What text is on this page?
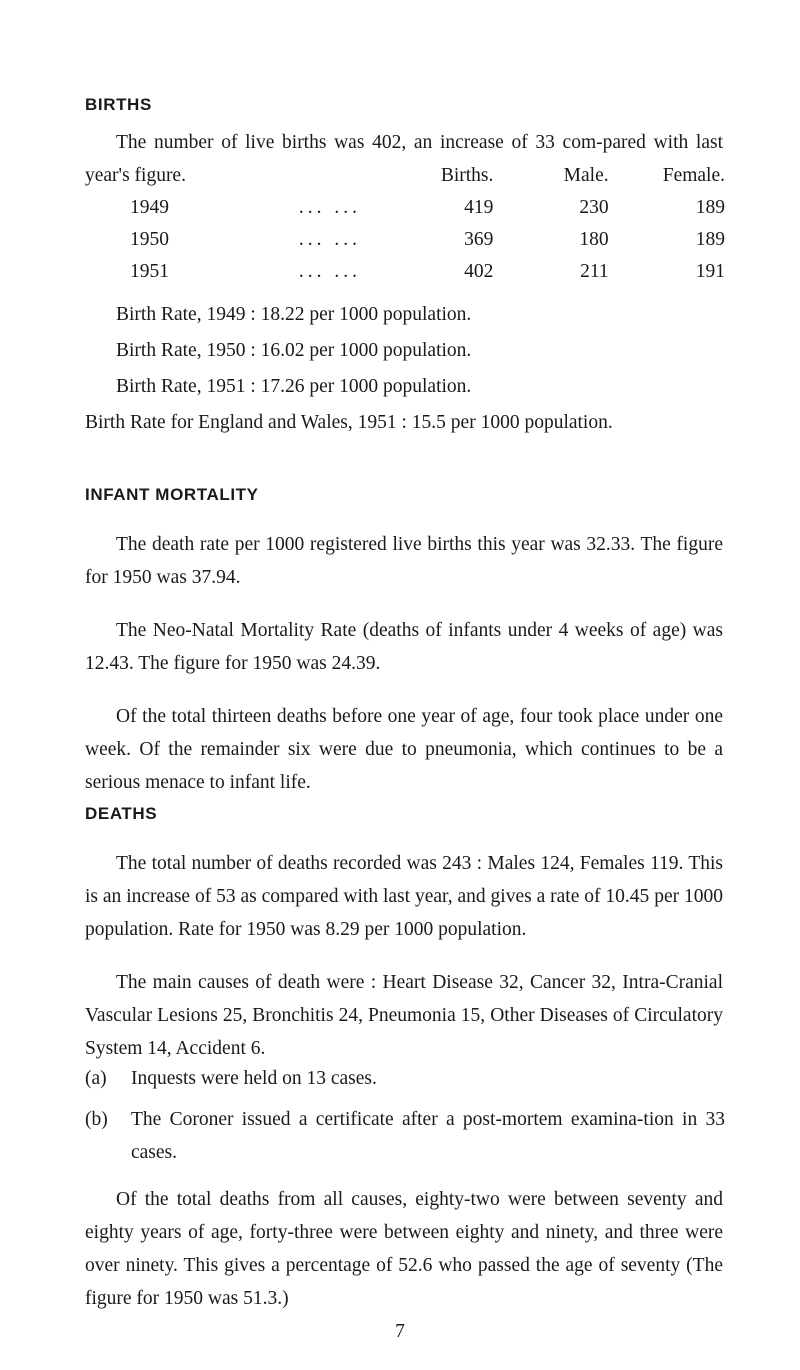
BIRTHS

The number of live births was 402, an increase of 33 com-pared with last year's figure.

			Births.	Male.	Female.
1949	... ...	419	230	189
1950	... ...	369	180	189
1951	... ...	402	211	191
Birth Rate, 1949 : 18.22 per 1000 population.
Birth Rate, 1950 : 16.02 per 1000 population.
Birth Rate, 1951 : 17.26 per 1000 population.
Birth Rate for England and Wales, 1951 : 15.5 per 1000 population.
INFANT MORTALITY

The death rate per 1000 registered live births this year was 32.33. The figure for 1950 was 37.94.

The Neo-Natal Mortality Rate (deaths of infants under 4 weeks of age) was 12.43. The figure for 1950 was 24.39.

Of the total thirteen deaths before one year of age, four took place under one week. Of the remainder six were due to pneumonia, which continues to be a serious menace to infant life.

DEATHS

The total number of deaths recorded was 243 : Males 124, Females 119. This is an increase of 53 as compared with last year, and gives a rate of 10.45 per 1000 population. Rate for 1950 was 8.29 per 1000 population.

The main causes of death were : Heart Disease 32, Cancer 32, Intra-Cranial Vascular Lesions 25, Bronchitis 24, Pneumonia 15, Other Diseases of Circulatory System 14, Accident 6.

(a) Inquests were held on 13 cases.
(b) The Coroner issued a certificate after a post-mortem examina-tion in 33 cases.

Of the total deaths from all causes, eighty-two were between seventy and eighty years of age, forty-three were between eighty and ninety, and three were over ninety. This gives a percentage of 52.6 who passed the age of seventy (The figure for 1950 was 51.3.)

7
